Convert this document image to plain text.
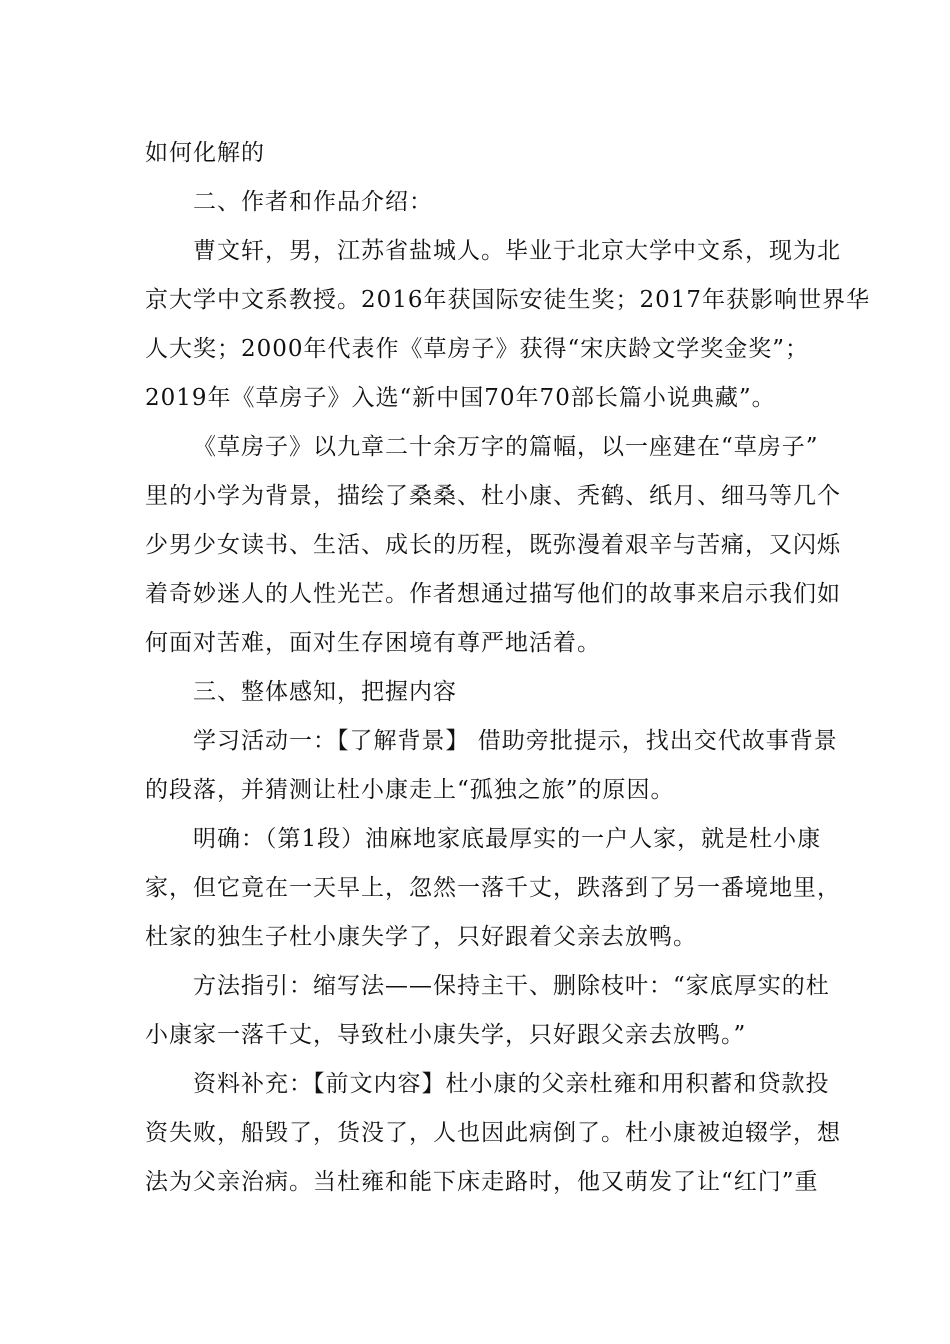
如何化解的
二、作者和作品介绍：
曹文轩，男，江苏省盐城人。毕业于北京大学中文系，现为北
京大学中文系教授。2016年获国际安徒生奖；2017年获影响世界华
人大奖；2000年代表作《草房子》获得“宋庆龄文学奖金奖”；
2019年《草房子》入选“新中国70年70部长篇小说典藏”。
《草房子》以九章二十余万字的篇幅，以一座建在“草房子”
里的小学为背景，描绘了桑桑、杜小康、秃鹤、纸月、细马等几个
少男少女读书、生活、成长的历程，既弥漫着艰辛与苦痛，又闪烁
着奇妙迷人的人性光芒。作者想通过描写他们的故事来启示我们如
何面对苦难，面对生存困境有尊严地活着。
三、整体感知，把握内容
学习活动一：【了解背景】 借助旁批提示，找出交代故事背景
的段落，并猜测让杜小康走上“孤独之旅”的原因。
明确：（第1段）油麻地家底最厚实的一户人家，就是杜小康
家，但它竟在一天早上，忽然一落千丈，跌落到了另一番境地里，
杜家的独生子杜小康失学了，只好跟着父亲去放鸭。
方法指引：缩写法——保持主干、删除枝叶：“家底厚实的杜
小康家一落千丈，导致杜小康失学，只好跟父亲去放鸭。”
资料补充：【前文内容】杜小康的父亲杜雍和用积蓄和贷款投
资失败，船毁了，货没了，人也因此病倒了。杜小康被迫辍学，想
法为父亲治病。当杜雍和能下床走路时，他又萌发了让“红门”重
